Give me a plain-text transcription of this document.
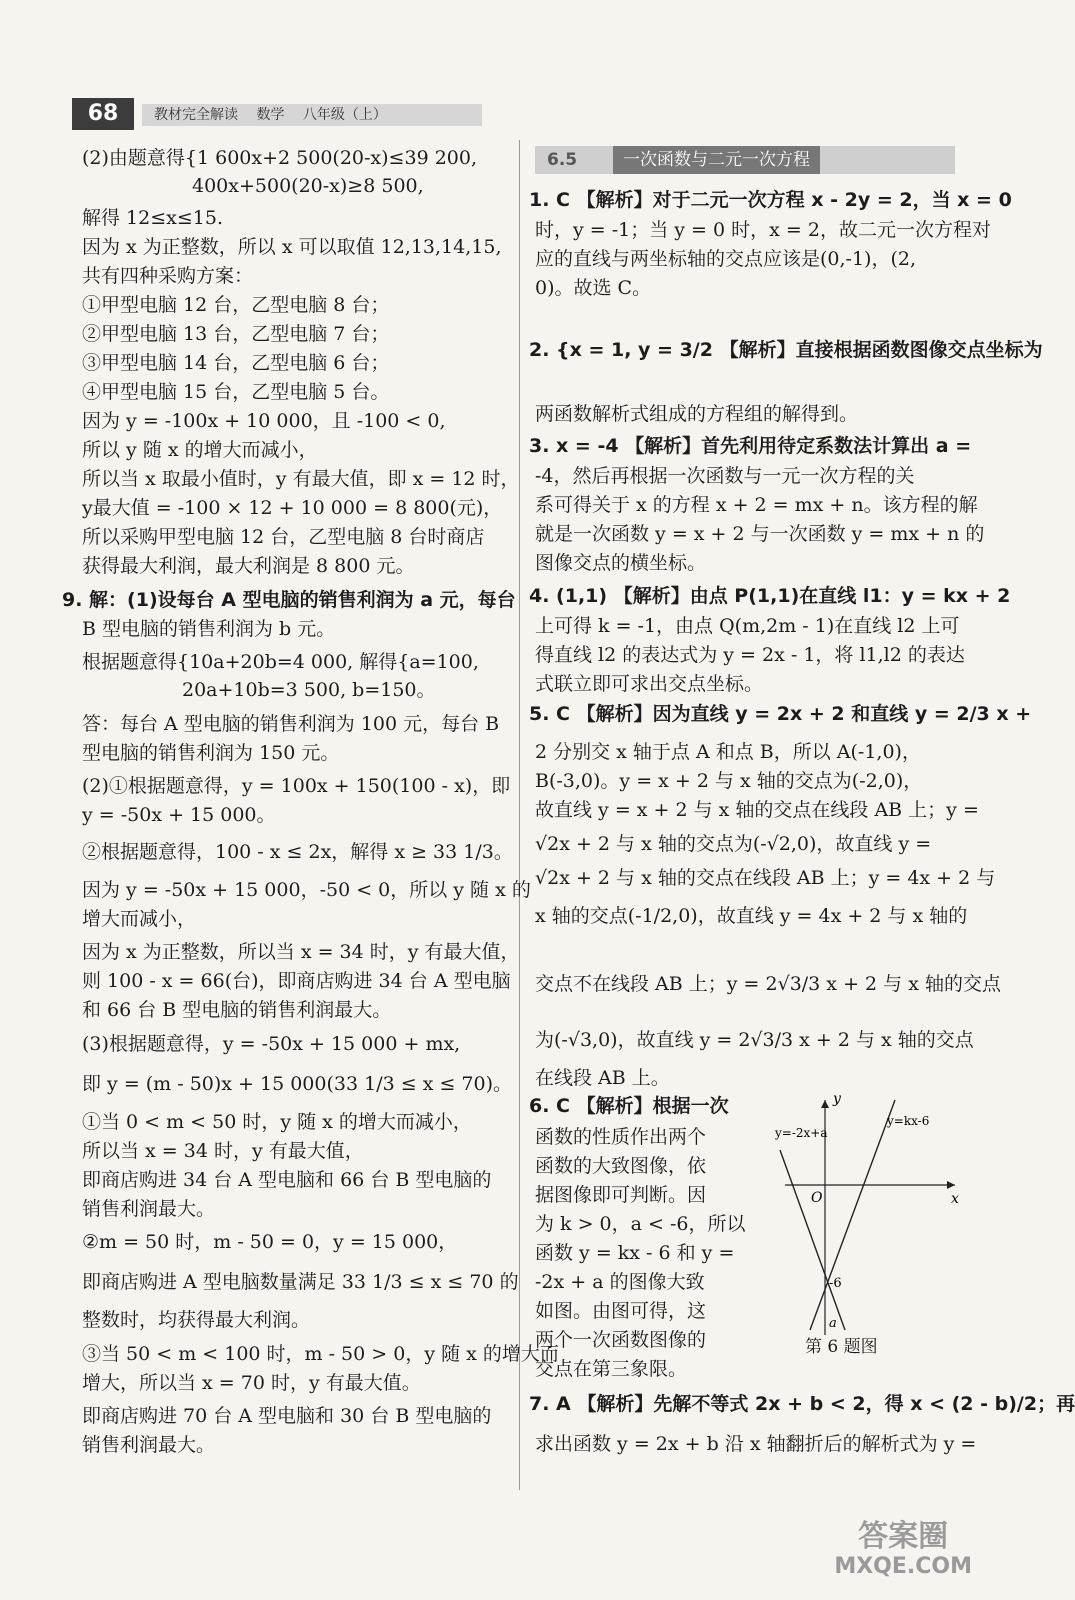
68	教材完全解读 数学 八年级（上）
(2)由题意得{1 600x+2 500(20-x)≤39 200,
400x+500(20-x)≥8 500,
解得 12≤x≤15.
因为 x 为正整数，所以 x 可以取值 12,13,14,15,
共有四种采购方案：
①甲型电脑 12 台，乙型电脑 8 台；
②甲型电脑 13 台，乙型电脑 7 台；
③甲型电脑 14 台，乙型电脑 6 台；
④甲型电脑 15 台，乙型电脑 5 台。
因为 y = -100x + 10 000，且 -100 < 0,
所以 y 随 x 的增大而减小，
所以当 x 取最小值时，y 有最大值，即 x = 12 时，
y最大值 = -100 × 12 + 10 000 = 8 800(元)，
所以采购甲型电脑 12 台，乙型电脑 8 台时商店
获得最大利润，最大利润是 8 800 元。
9. 解：(1)设每台 A 型电脑的销售利润为 a 元，每台
B 型电脑的销售利润为 b 元。
根据题意得{10a+20b=4 000, 解得{a=100,
20a+10b=3 500, b=150。
答：每台 A 型电脑的销售利润为 100 元，每台 B
型电脑的销售利润为 150 元。
(2)①根据题意得，y = 100x + 150(100 - x)，即
y = -50x + 15 000。
②根据题意得，100 - x ≤ 2x，解得 x ≥ 33 1/3。
因为 y = -50x + 15 000，-50 < 0，所以 y 随 x 的
增大而减小，
因为 x 为正整数，所以当 x = 34 时，y 有最大值，
则 100 - x = 66(台)，即商店购进 34 台 A 型电脑
和 66 台 B 型电脑的销售利润最大。
(3)根据题意得，y = -50x + 15 000 + mx,
即 y = (m - 50)x + 15 000(33 1/3 ≤ x ≤ 70)。
①当 0 < m < 50 时，y 随 x 的增大而减小，
所以当 x = 34 时，y 有最大值，
即商店购进 34 台 A 型电脑和 66 台 B 型电脑的
销售利润最大。
②m = 50 时，m - 50 = 0，y = 15 000，
即商店购进 A 型电脑数量满足 33 1/3 ≤ x ≤ 70 的
整数时，均获得最大利润。
③当 50 < m < 100 时，m - 50 > 0，y 随 x 的增大而
增大，所以当 x = 70 时，y 有最大值。
即商店购进 70 台 A 型电脑和 30 台 B 型电脑的
销售利润最大。
6.5	一次函数与二元一次方程
1. C 【解析】对于二元一次方程 x - 2y = 2，当 x = 0
时，y = -1；当 y = 0 时，x = 2，故二元一次方程对
应的直线与两坐标轴的交点应该是(0,-1)，(2,
0)。故选 C。
2. {x = 1, y = 3/2 【解析】直接根据函数图像交点坐标为
两函数解析式组成的方程组的解得到。
3. x = -4 【解析】首先利用待定系数法计算出 a =
-4，然后再根据一次函数与一元一次方程的关
系可得关于 x 的方程 x + 2 = mx + n。该方程的解
就是一次函数 y = x + 2 与一次函数 y = mx + n 的
图像交点的横坐标。
4. (1,1) 【解析】由点 P(1,1)在直线 l1：y = kx + 2
上可得 k = -1，由点 Q(m,2m - 1)在直线 l2 上可
得直线 l2 的表达式为 y = 2x - 1，将 l1,l2 的表达
式联立即可求出交点坐标。
5. C 【解析】因为直线 y = 2x + 2 和直线 y = 2/3 x +
2 分别交 x 轴于点 A 和点 B，所以 A(-1,0)，
B(-3,0)。y = x + 2 与 x 轴的交点为(-2,0)，
故直线 y = x + 2 与 x 轴的交点在线段 AB 上；y =
√2x + 2 与 x 轴的交点为(-√2,0)，故直线 y =
√2x + 2 与 x 轴的交点在线段 AB 上；y = 4x + 2 与
x 轴的交点(-1/2,0)，故直线 y = 4x + 2 与 x 轴的
交点不在线段 AB 上；y = 2√3/3 x + 2 与 x 轴的交点
为(-√3,0)，故直线 y = 2√3/3 x + 2 与 x 轴的交点
在线段 AB 上。
6. C 【解析】根据一次
函数的性质作出两个
函数的大致图像，依
据图像即可判断。因
为 k > 0，a < -6，所以
函数 y = kx - 6 和 y =
-2x + a 的图像大致
如图。由图可得，这
两个一次函数图像的
交点在第三象限。
7. A 【解析】先解不等式 2x + b < 2，得 x < (2 - b)/2；再
求出函数 y = 2x + b 沿 x 轴翻折后的解析式为 y =
y
x
O
y=-2x+a
y=kx-6
-6
a
第 6 题图
答案圈
MXQE.COM
